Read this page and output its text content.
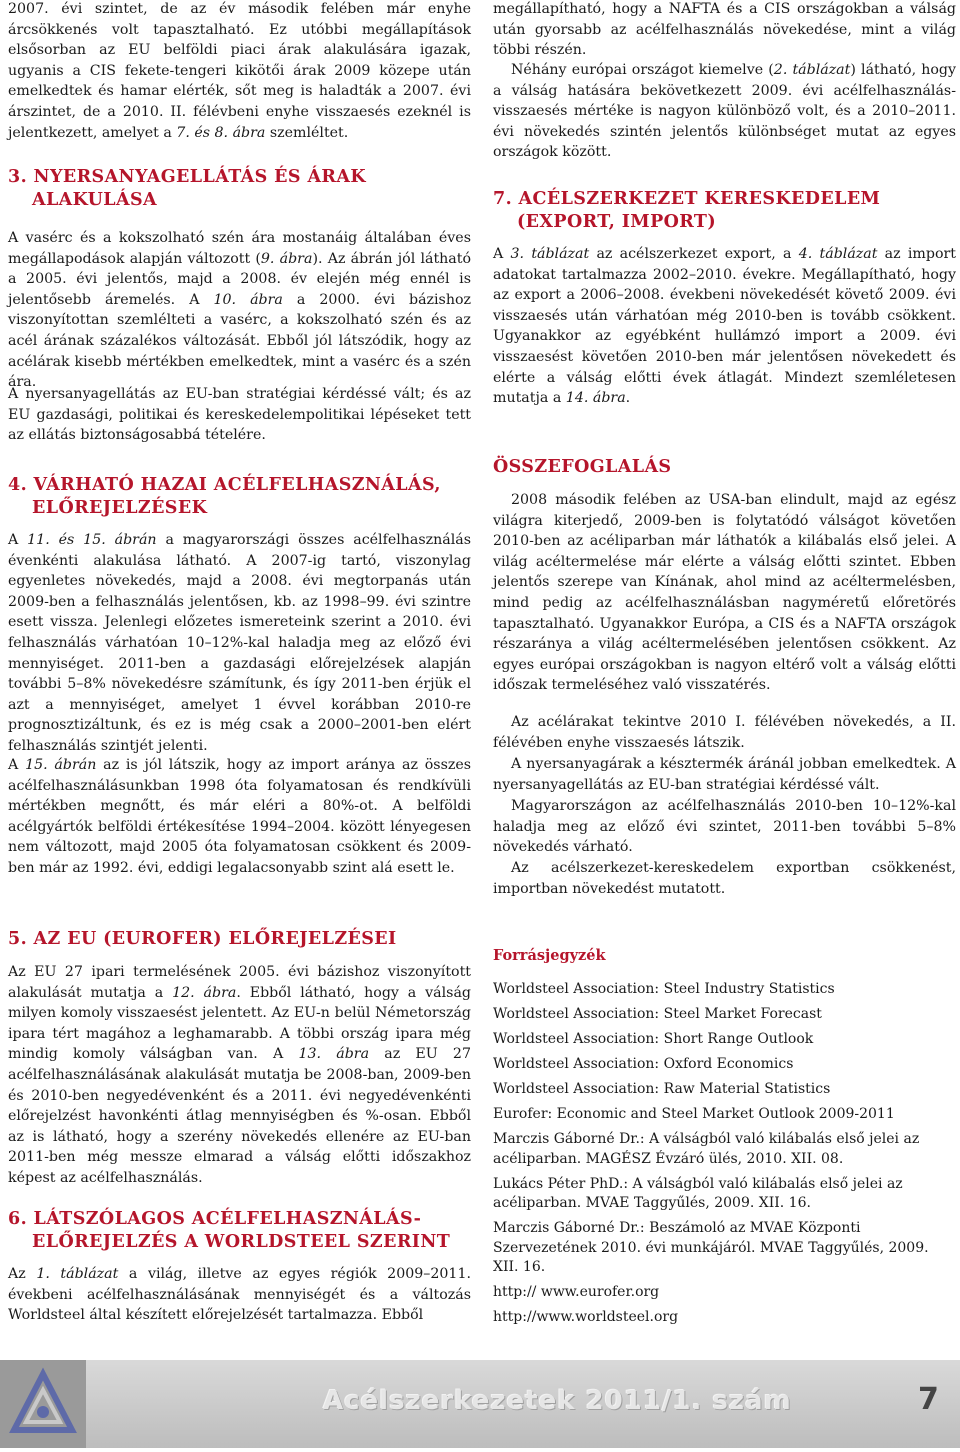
2007. évi szintet, de az év második felében már enyhe árcsökkenés volt tapasztalható. Ez utóbbi megállapítások elsősorban az EU belföldi piaci árak alakulására igazak, ugyanis a CIS fekete-tengeri kikötői árak 2009 közepe után emelkedtek és hamar elérték, sőt meg is haladták a 2007. évi árszintet, de a 2010. II. félévbeni enyhe visszaesés ezeknél is jelentkezett, amelyet a 7. és 8. ábra szemléltet.

3. NYERSANYAGELLÁTÁS ÉS ÁRAK
ALAKULÁSA

A vasérc és a kokszolható szén ára mostanáig általában éves megállapodások alapján változott (9. ábra). Az ábrán jól látható a 2005. évi jelentős, majd a 2008. év elején még ennél is jelentősebb áremelés. A 10. ábra a 2000. évi bázishoz viszonyítottan szemlélteti a vasérc, a kokszolható szén és az acél árának százalékos változását. Ebből jól látszódik, hogy az acélárak kisebb mértékben emelkedtek, mint a vasérc és a szén ára.

A nyersanyagellátás az EU-ban stratégiai kérdéssé vált; és az EU gazdasági, politikai és kereskedelempolitikai lépéseket tett az ellátás biztonságosabbá tételére.

4. VÁRHATÓ HAZAI ACÉLFELHASZNÁLÁS,
ELŐREJELZÉSEK

A 11. és 15. ábrán a magyarországi összes acélfelhasználás évenkénti alakulása látható. A 2007-ig tartó, viszonylag egyenletes növekedés, majd a 2008. évi megtorpanás után 2009-ben a felhasználás jelentősen, kb. az 1998–99. évi szintre esett vissza. Jelenlegi előzetes ismereteink szerint a 2010. évi felhasználás várhatóan 10–12%-kal haladja meg az előző évi mennyiséget. 2011-ben a gazdasági előrejelzések alapján további 5–8% növekedésre számítunk, és így 2011-ben érjük el azt a mennyiséget, amelyet 1 évvel korábban 2010-re prognosztizáltunk, és ez is még csak a 2000–2001-ben elért felhasználás szintjét jelenti.

A 15. ábrán az is jól látszik, hogy az import aránya az összes acélfelhasználásunkban 1998 óta folyamatosan és rendkívüli mértékben megnőtt, és már eléri a 80%-ot. A belföldi acélgyártók belföldi értékesítése 1994–2004. között lényegesen nem változott, majd 2005 óta folyamatosan csökkent és 2009-ben már az 1992. évi, eddigi legalacsonyabb szint alá esett le.

5. AZ EU (EUROFER) ELŐREJELZÉSEI

Az EU 27 ipari termelésének 2005. évi bázishoz viszonyított alakulását mutatja a 12. ábra. Ebből látható, hogy a válság milyen komoly visszaesést jelentett. Az EU-n belül Németország ipara tért magához a leghamarabb. A többi ország ipara még mindig komoly válságban van. A 13. ábra az EU 27 acélfelhasználásának alakulását mutatja be 2008-ban, 2009-ben és 2010-ben negyedévenként és a 2011. évi negyedévenkénti előrejelzést havonkénti átlag mennyiségben és %-osan. Ebből az is látható, hogy a szerény növekedés ellenére az EU-ban 2011-ben még messze elmarad a válság előtti időszakhoz képest az acélfelhasználás.

6. LÁTSZÓLAGOS ACÉLFELHASZNÁLÁS-
ELŐREJELZÉS A WORLDSTEEL SZERINT

Az 1. táblázat a világ, illetve az egyes régiók 2009–2011. évekbeni acélfelhasználásának mennyiségét és a változás Worldsteel által készített előrejelzését tartalmazza. Ebből

megállapítható, hogy a NAFTA és a CIS országokban a válság után gyorsabb az acélfelhasználás növekedése, mint a világ többi részén.

Néhány európai országot kiemelve (2. táblázat) látható, hogy a válság hatására bekövetkezett 2009. évi acélfelhasználás-visszaesés mértéke is nagyon különböző volt, és a 2010–2011. évi növekedés szintén jelentős különbséget mutat az egyes országok között.

7. ACÉLSZERKEZET KERESKEDELEM
(EXPORT, IMPORT)

A 3. táblázat az acélszerkezet export, a 4. táblázat az import adatokat tartalmazza 2002–2010. évekre. Megállapítható, hogy az export a 2006–2008. évekbeni növekedését követő 2009. évi visszaesés után várhatóan még 2010-ben is tovább csökkent. Ugyanakkor az egyébként hullámzó import a 2009. évi visszaesést követően 2010-ben már jelentősen növekedett és elérte a válság előtti évek átlagát. Mindezt szemléletesen mutatja a 14. ábra.

ÖSSZEFOGLALÁS

2008 második felében az USA-ban elindult, majd az egész világra kiterjedő, 2009-ben is folytatódó válságot követően 2010-ben az acéliparban már láthatók a kilábalás első jelei. A világ acéltermelése már elérte a válság előtti szintet. Ebben jelentős szerepe van Kínának, ahol mind az acéltermelésben, mind pedig az acélfelhasználásban nagyméretű előretörés tapasztalható. Ugyanakkor Európa, a CIS és a NAFTA országok részaránya a világ acéltermelésében jelentősen csökkent. Az egyes európai országokban is nagyon eltérő volt a válság előtti időszak termeléséhez való visszatérés.

Az acélárakat tekintve 2010 I. félévében növekedés, a II. félévében enyhe visszaesés látszik.

A nyersanyagárak a késztermék áránál jobban emelkedtek. A nyersanyagellátás az EU-ban stratégiai kérdéssé vált.

Magyarországon az acélfelhasználás 2010-ben 10–12%-kal haladja meg az előző évi szintet, 2011-ben további 5–8% növekedés várható.

Az acélszerkezet-kereskedelem exportban csökkenést, importban növekedést mutatott.

Forrásjegyzék

Worldsteel Association: Steel Industry Statistics

Worldsteel Association: Steel Market Forecast

Worldsteel Association: Short Range Outlook

Worldsteel Association: Oxford Economics

Worldsteel Association: Raw Material Statistics

Eurofer: Economic and Steel Market Outlook 2009-2011

Marczis Gáborné Dr.: A válságból való kilábalás első jelei az acéliparban. MAGÉSZ Évzáró ülés, 2010. XII. 08.

Lukács Péter PhD.: A válságból való kilábalás első jelei az acéliparban. MVAE Taggyűlés, 2009. XII. 16.

Marczis Gáborné Dr.: Beszámoló az MVAE Központi Szervezetének 2010. évi munkájáról. MVAE Taggyűlés, 2009. XII. 16.

http:// www.eurofer.org

http://www.worldsteel.org

Acélszerkezetek 2011/1. szám	7
